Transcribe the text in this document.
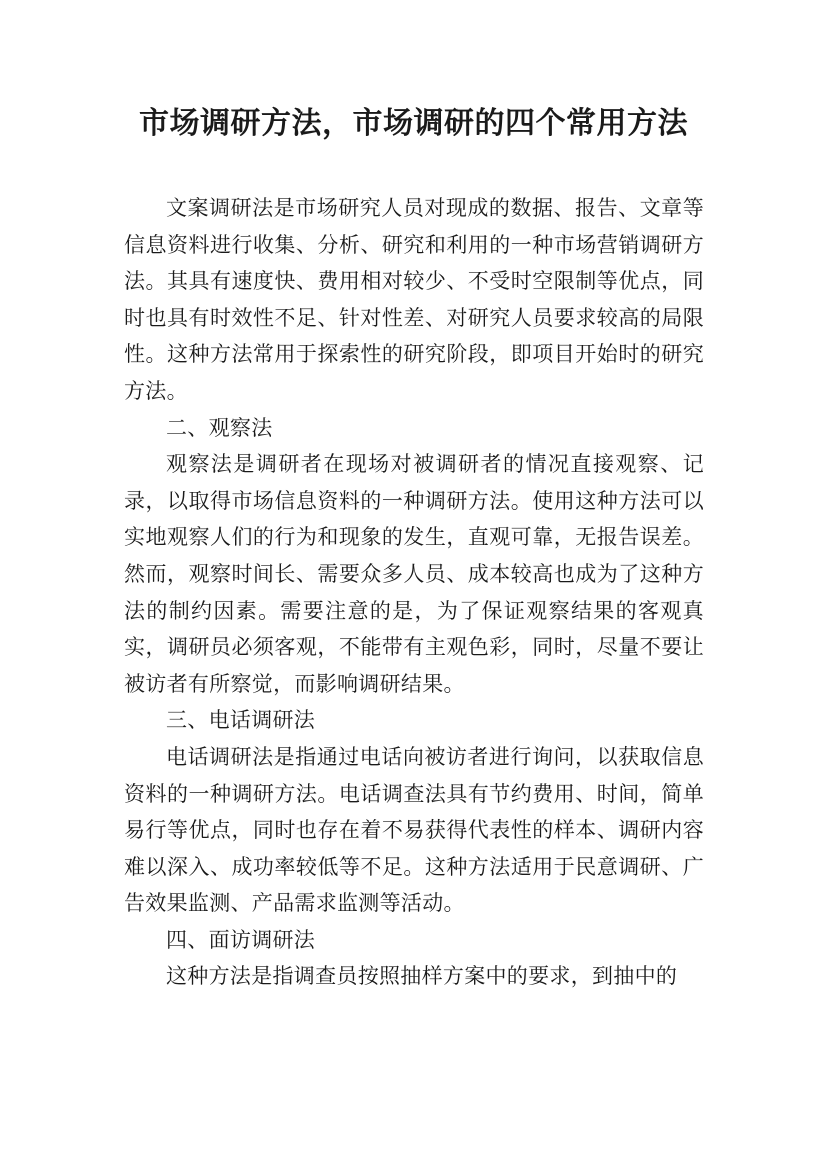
市场调研方法，市场调研的四个常用方法

文案调研法是市场研究人员对现成的数据、报告、文章等信息资料进行收集、分析、研究和利用的一种市场营销调研方法。其具有速度快、费用相对较少、不受时空限制等优点，同时也具有时效性不足、针对性差、对研究人员要求较高的局限性。这种方法常用于探索性的研究阶段，即项目开始时的研究方法。

二、观察法

观察法是调研者在现场对被调研者的情况直接观察、记录，以取得市场信息资料的一种调研方法。使用这种方法可以实地观察人们的行为和现象的发生，直观可靠，无报告误差。然而，观察时间长、需要众多人员、成本较高也成为了这种方法的制约因素。需要注意的是，为了保证观察结果的客观真实，调研员必须客观，不能带有主观色彩，同时，尽量不要让被访者有所察觉，而影响调研结果。

三、电话调研法

电话调研法是指通过电话向被访者进行询问，以获取信息资料的一种调研方法。电话调查法具有节约费用、时间，简单易行等优点，同时也存在着不易获得代表性的样本、调研内容难以深入、成功率较低等不足。这种方法适用于民意调研、广告效果监测、产品需求监测等活动。

四、面访调研法

这种方法是指调查员按照抽样方案中的要求，到抽中的
